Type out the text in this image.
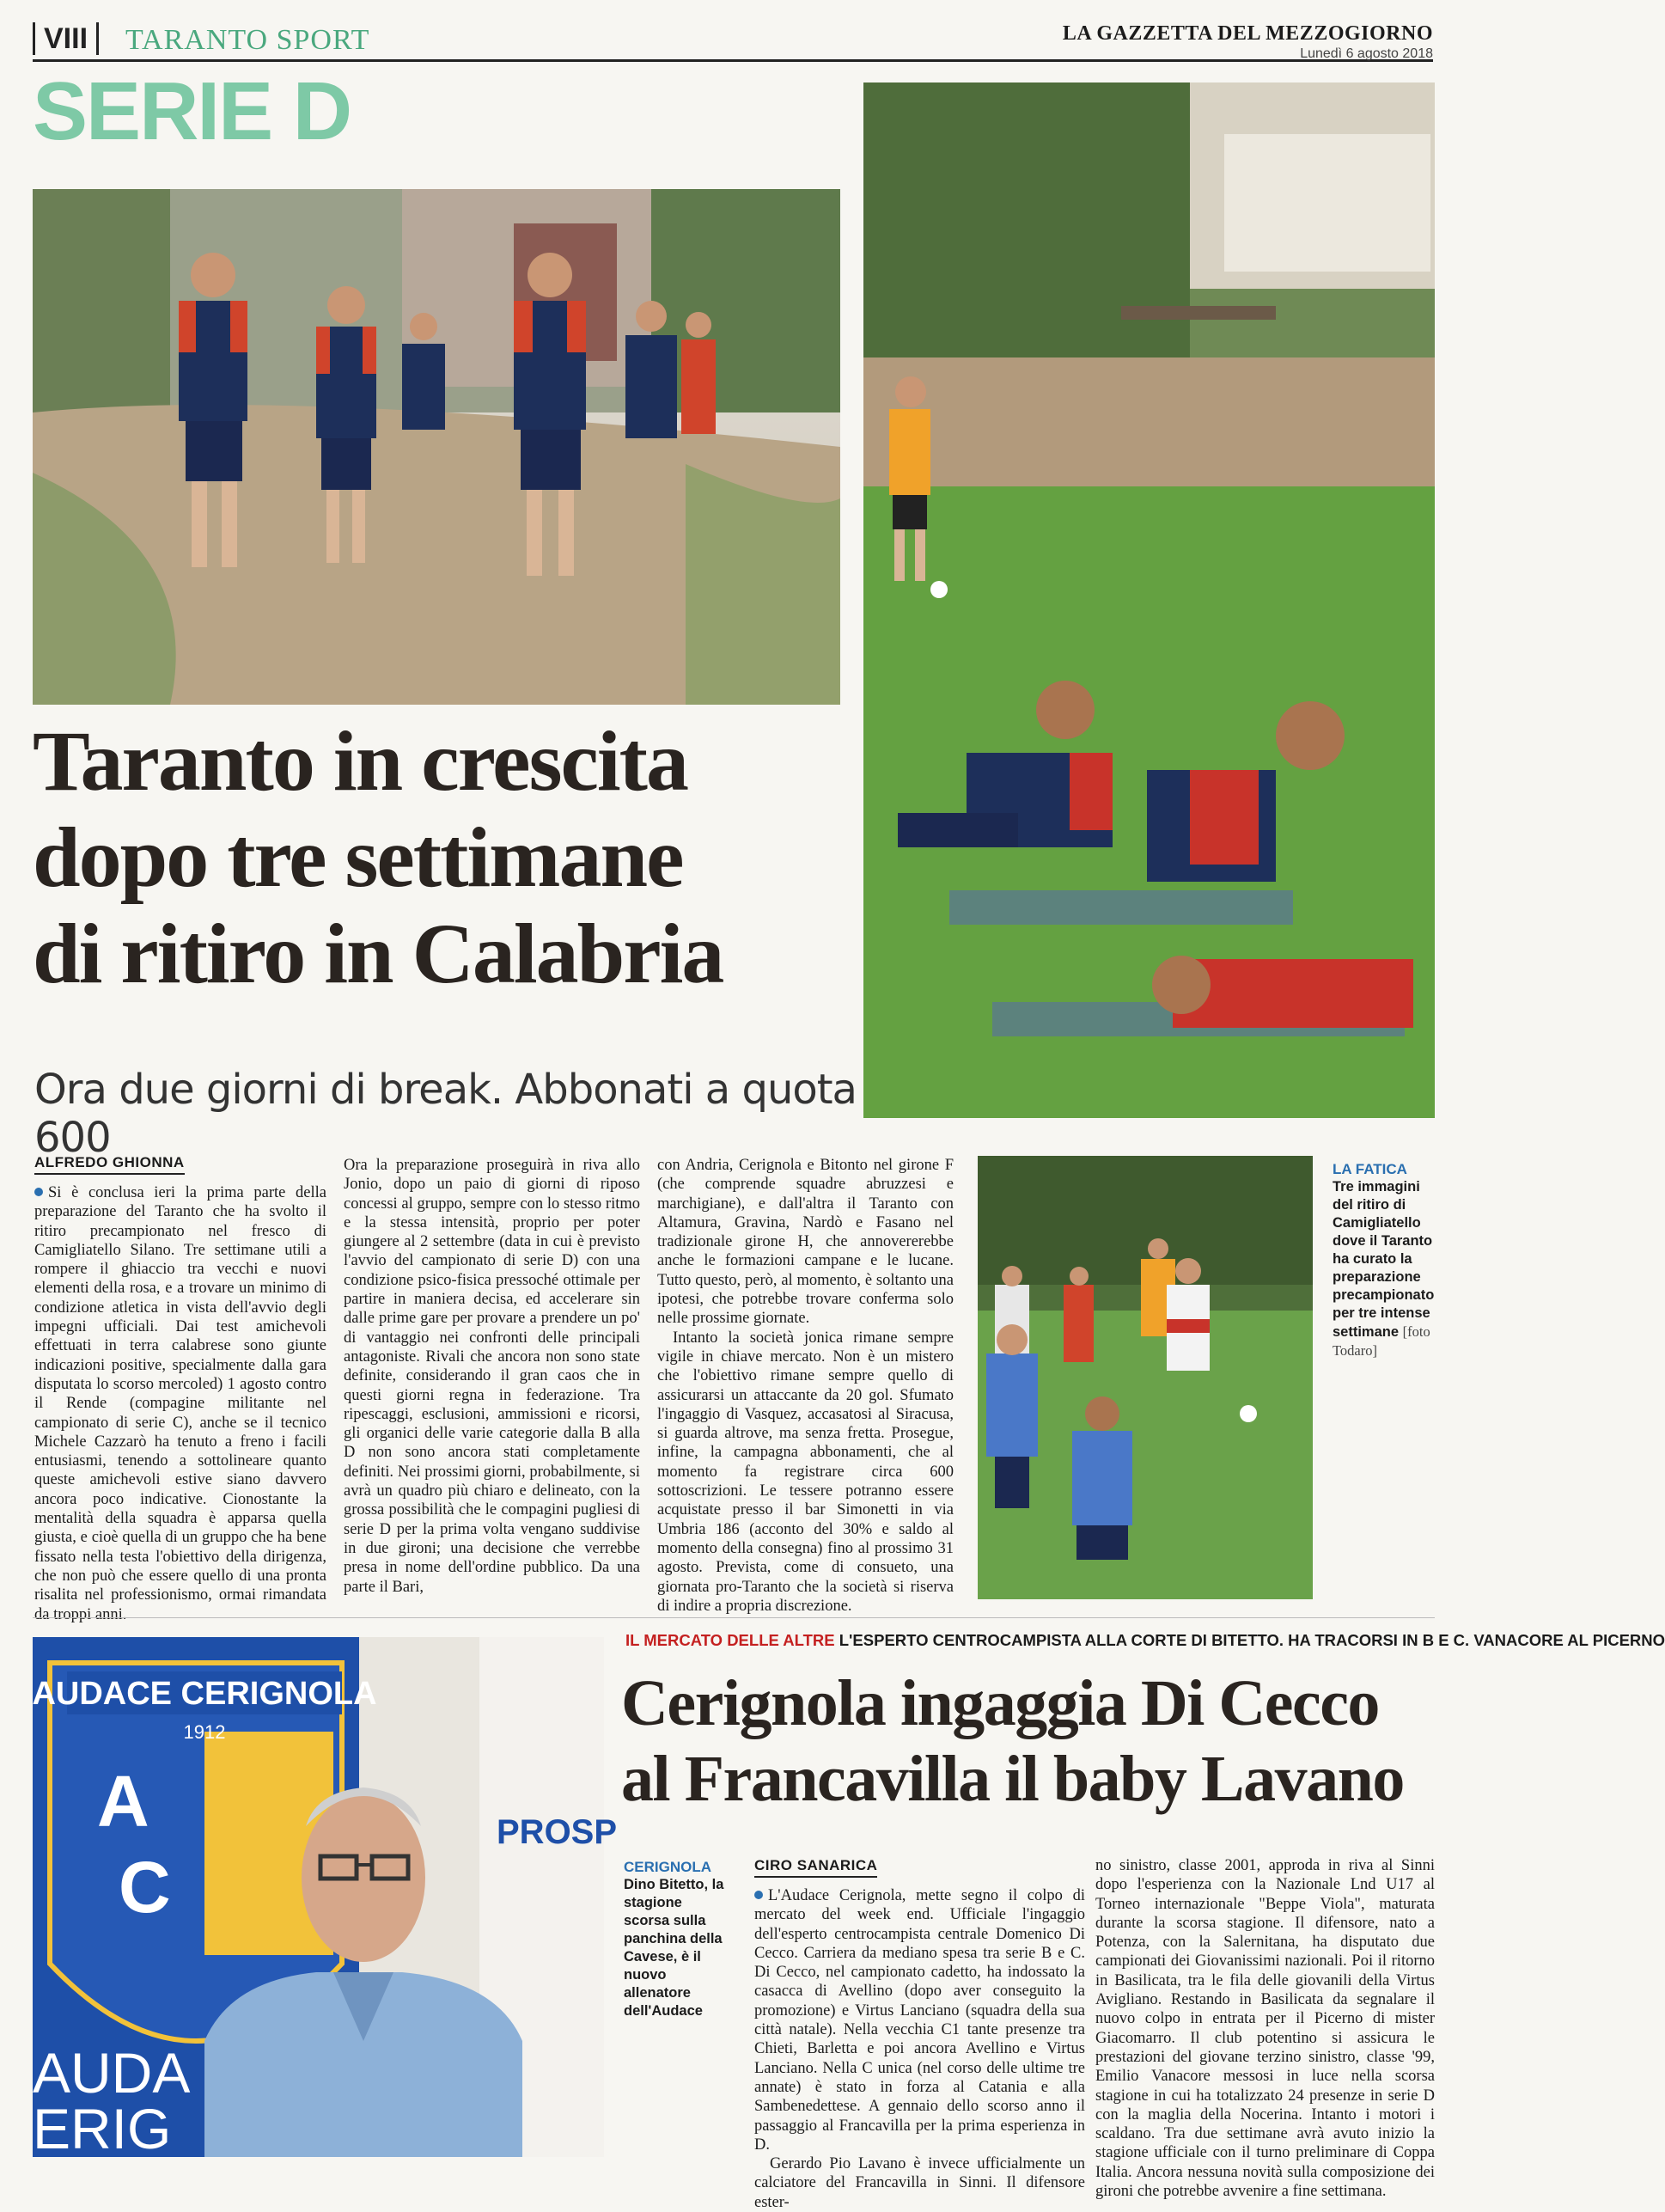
VIII	TARANTO SPORT	LA GAZZETTA DEL MEZZOGIORNO
Lunedì 6 agosto 2018
SERIE D
Taranto in crescita
dopo tre settimane
di ritiro in Calabria
Ora due giorni di break. Abbonati a quota 600
ALFREDO GHIONNA

Si è conclusa ieri la prima parte della preparazione del Taranto che ha svolto il ritiro precampionato nel fresco di Camigliatello Silano. Tre settimane utili a rompere il ghiaccio tra vecchi e nuovi elementi della rosa, e a trovare un minimo di condizione atletica in vista dell'avvio degli impegni ufficiali. Dai test amichevoli effettuati in terra calabrese sono giunte indicazioni positive, specialmente dalla gara disputata lo scorso mercoled) 1 agosto contro il Rende (compagine militante nel campionato di serie C), anche se il tecnico Michele Cazzarò ha tenuto a freno i facili entusiasmi, tenendo a sottolineare quanto queste amichevoli estive siano davvero ancora poco indicative. Cionostante la mentalità della squadra è apparsa quella giusta, e cioè quella di un gruppo che ha bene fissato nella testa l'obiettivo della dirigenza, che non può che essere quello di una pronta risalita nel professionismo, ormai rimandata da troppi anni.

Ora la preparazione proseguirà in riva allo Jonio, dopo un paio di giorni di riposo concessi al gruppo, sempre con lo stesso ritmo e la stessa intensità, proprio per poter giungere al 2 settembre (data in cui è previsto l'avvio del campionato di serie D) con una condizione psico-fisica pressoché ottimale per partire in maniera decisa, ed accelerare sin dalle prime gare per provare a prendere un po' di vantaggio nei confronti delle principali antagoniste. Rivali che ancora non sono state definite, considerando il gran caos che in questi giorni regna in federazione. Tra ripescaggi, esclusioni, ammissioni e ricorsi, gli organici delle varie categorie dalla B alla D non sono ancora stati completamente definiti. Nei prossimi giorni, probabilmente, si avrà un quadro più chiaro e delineato, con la grossa possibilità che le compagini pugliesi di serie D per la prima volta vengano suddivise in due gironi; una decisione che verrebbe presa in nome dell'ordine pubblico. Da una parte il Bari,

con Andria, Cerignola e Bitonto nel girone F (che comprende squadre abruzzesi e marchigiane), e dall'altra il Taranto con Altamura, Gravina, Nardò e Fasano nel tradizionale girone H, che annovererebbe anche le formazioni campane e le lucane. Tutto questo, però, al momento, è soltanto una ipotesi, che potrebbe trovare conferma solo nelle prossime giornate.

Intanto la società jonica rimane sempre vigile in chiave mercato. Non è un mistero che l'obiettivo rimane sempre quello di assicurarsi un attaccante da 20 gol. Sfumato l'ingaggio di Vasquez, accasatosi al Siracusa, si guarda altrove, ma senza fretta. Prosegue, infine, la campagna abbonamenti, che al momento fa registrare circa 600 sottoscrizioni. Le tessere potranno essere acquistate presso il bar Simonetti in via Umbria 186 (acconto del 30% e saldo al momento della consegna) fino al prossimo 31 agosto. Prevista, come di consueto, una giornata pro-Taranto che la società si riserva di indire a propria discrezione.

LA FATICA
Tre immagini del ritiro di Camigliatello dove il Taranto ha curato la preparazione precampionato per tre intense settimane [foto Todaro]
AUDACE CERIGNOLA
1912
A
C
AUDA
ERIG
PROSP
IL MERCATO DELLE ALTRE L'ESPERTO CENTROCAMPISTA ALLA CORTE DI BITETTO. HA TRACORSI IN B E C. VANACORE AL PICERNO
Cerignola ingaggia Di Cecco
al Francavilla il baby Lavano
CERIGNOLA
Dino Bitetto, la stagione scorsa sulla panchina della Cavese, è il nuovo allenatore dell'Audace
CIRO SANARICA

L'Audace Cerignola, mette segno il colpo di mercato del week end. Ufficiale l'ingaggio dell'esperto centrocampista centrale Domenico Di Cecco. Carriera da mediano spesa tra serie B e C. Di Cecco, nel campionato cadetto, ha indossato la casacca di Avellino (dopo aver conseguito la promozione) e Virtus Lanciano (squadra della sua città natale). Nella vecchia C1 tante presenze tra Chieti, Barletta e poi ancora Avellino e Virtus Lanciano. Nella C unica (nel corso delle ultime tre annate) è stato in forza al Catania e alla Sambenedettese. A gennaio dello scorso anno il passaggio al Francavilla per la prima esperienza in D.

Gerardo Pio Lavano è invece ufficialmente un calciatore del Francavilla in Sinni. Il difensore ester-

no sinistro, classe 2001, approda in riva al Sinni dopo l'esperienza con la Nazionale Lnd U17 al Torneo internazionale "Beppe Viola", maturata durante la scorsa stagione. Il difensore, nato a Potenza, con la Salernitana, ha disputato due campionati dei Giovanissimi nazionali. Poi il ritorno in Basilicata, tra le fila delle giovanili della Virtus Avigliano. Restando in Basilicata da segnalare il nuovo colpo in entrata per il Picerno di mister Giacomarro. Il club potentino si assicura le prestazioni del giovane terzino sinistro, classe '99, Emilio Vanacore messosi in luce nella scorsa stagione in cui ha totalizzato 24 presenze in serie D con la maglia della Nocerina. Intanto i motori i scaldano. Tra due settimane avrà avuto inizio la stagione ufficiale con il turno preliminare di Coppa Italia. Ancora nessuna novità sulla composizione dei gironi che potrebbe avvenire a fine settimana.
